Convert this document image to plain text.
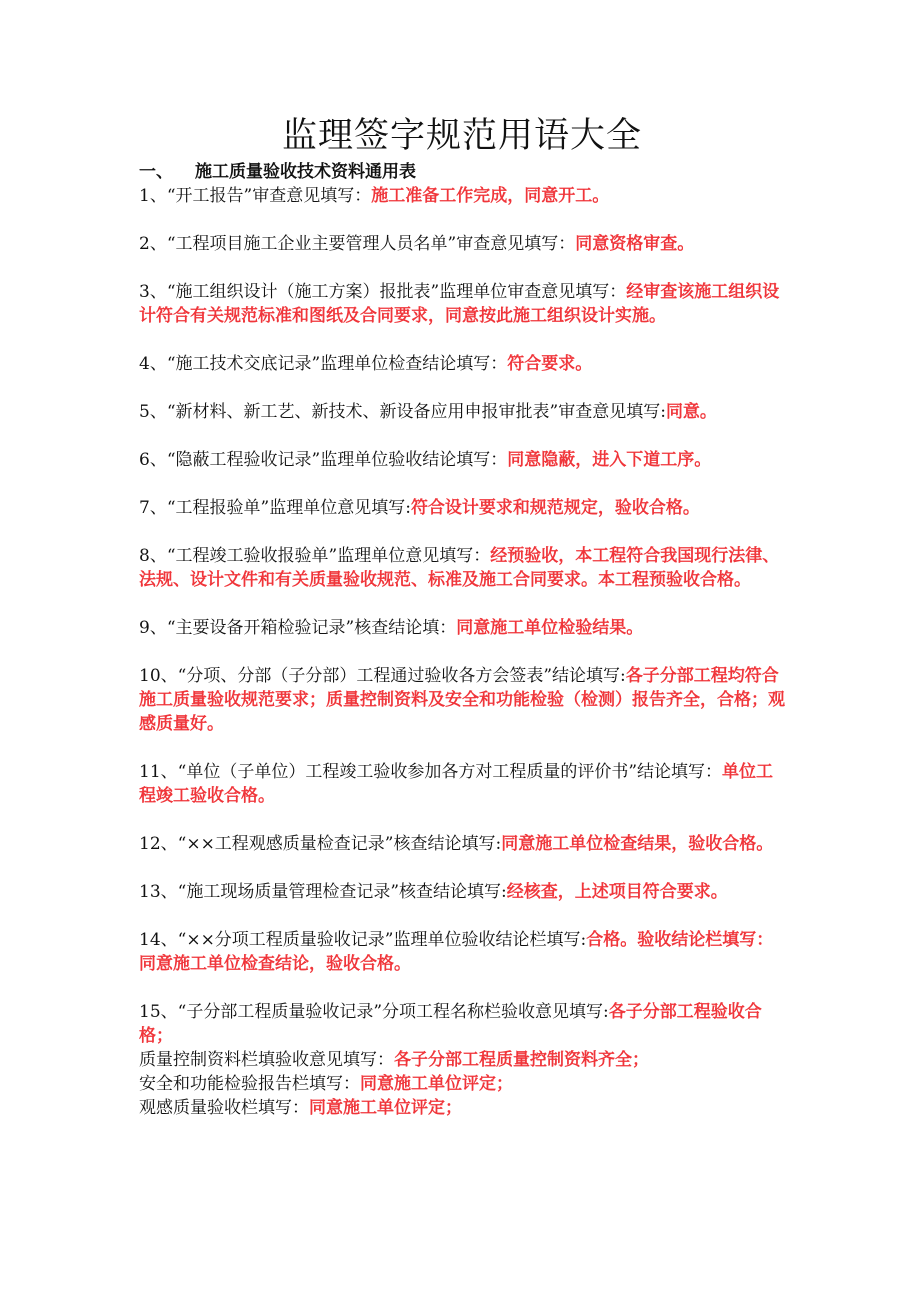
监理签字规范用语大全

一、 施工质量验收技术资料通用表

1、“开工报告”审查意见填写：施工准备工作完成，同意开工。

2、“工程项目施工企业主要管理人员名单”审查意见填写：同意资格审查。

3、“施工组织设计（施工方案）报批表”监理单位审查意见填写：经审查该施工组织设计符合有关规范标准和图纸及合同要求，同意按此施工组织设计实施。

4、“施工技术交底记录”监理单位检查结论填写：符合要求。

5、“新材料、新工艺、新技术、新设备应用申报审批表”审查意见填写:同意。

6、“隐蔽工程验收记录”监理单位验收结论填写：同意隐蔽，进入下道工序。

7、“工程报验单”监理单位意见填写:符合设计要求和规范规定，验收合格。

8、“工程竣工验收报验单”监理单位意见填写：经预验收，本工程符合我国现行法律、法规、设计文件和有关质量验收规范、标准及施工合同要求。本工程预验收合格。

9、“主要设备开箱检验记录”核查结论填：同意施工单位检验结果。

10、“分项、分部（子分部）工程通过验收各方会签表”结论填写:各子分部工程均符合施工质量验收规范要求；质量控制资料及安全和功能检验（检测）报告齐全，合格；观感质量好。

11、“单位（子单位）工程竣工验收参加各方对工程质量的评价书”结论填写：单位工程竣工验收合格。

12、“××工程观感质量检查记录”核查结论填写:同意施工单位检查结果，验收合格。

13、“施工现场质量管理检查记录”核查结论填写:经核查，上述项目符合要求。

14、“××分项工程质量验收记录”监理单位验收结论栏填写:合格。验收结论栏填写：同意施工单位检查结论，验收合格。

15、“子分部工程质量验收记录”分项工程名称栏验收意见填写:各子分部工程验收合格；

质量控制资料栏填验收意见填写：各子分部工程质量控制资料齐全；

安全和功能检验报告栏填写：同意施工单位评定；

观感质量验收栏填写：同意施工单位评定；
